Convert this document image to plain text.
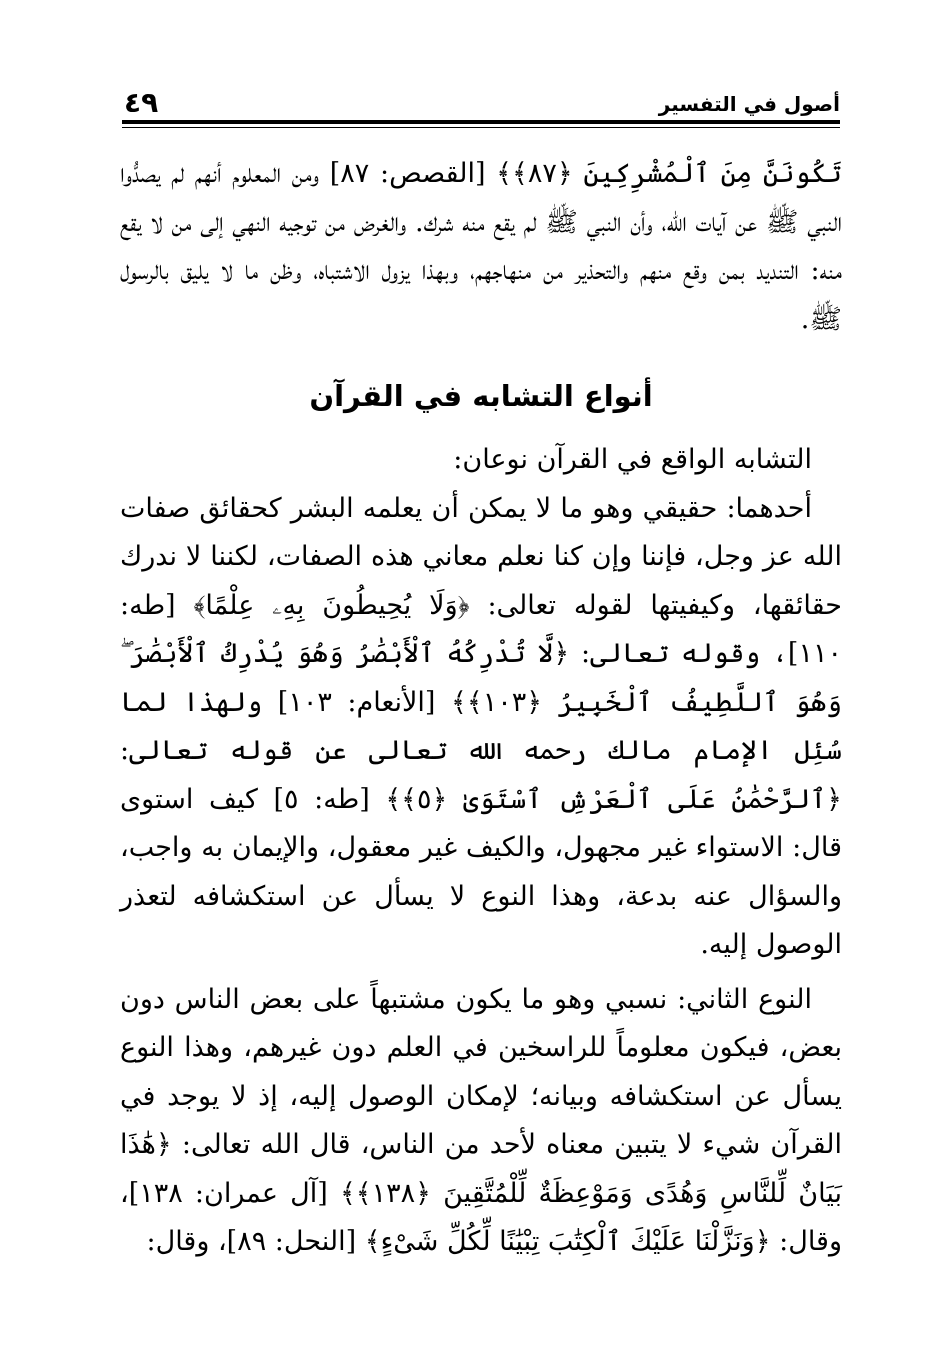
أصول في التفسير
٤٩

تَكُونَنَّ مِنَ ٱلْمُشْرِكِينَ ﴿٨٧﴾﴾ [القصص: ٨٧] ومن المعلوم أنهم لم يصدُّوا النبي ﷺ عن آيات الله، وأن النبي ﷺ لم يقع منه شرك. والغرض من توجيه النهي إلى من لا يقع منه: التنديد بمن وقع منهم والتحذير من منهاجهم، وبهذا يزول الاشتباه، وظن ما لا يليق بالرسول ﷺ.

أنواع التشابه في القرآن

التشابه الواقع في القرآن نوعان:

أحدهما: حقيقي وهو ما لا يمكن أن يعلمه البشر كحقائق صفات الله عز وجل، فإننا وإن كنا نعلم معاني هذه الصفات، لكننا لا ندرك حقائقها، وكيفيتها لقوله تعالى: ﴿وَلَا يُحِيطُونَ بِهِۦ عِلْمًا﴾ [طه: ١١٠]، وقوله تعالى: ﴿لَّا تُدْرِكُهُ ٱلْأَبْصَٰرُ وَهُوَ يُدْرِكُ ٱلْأَبْصَٰرَ ۖ وَهُوَ ٱللَّطِيفُ ٱلْخَبِيرُ ﴿١٠٣﴾﴾ [الأنعام: ١٠٣] ولهذا لما سُئِل الإمام مالك رحمه الله تعالى عن قوله تعالى: ﴿ٱلرَّحْمَٰنُ عَلَى ٱلْعَرْشِ ٱسْتَوَىٰ ﴿٥﴾﴾ [طه: ٥] كيف استوى قال: الاستواء غير مجهول، والكيف غير معقول، والإيمان به واجب، والسؤال عنه بدعة، وهذا النوع لا يسأل عن استكشافه لتعذر الوصول إليه.

النوع الثاني: نسبي وهو ما يكون مشتبهاً على بعض الناس دون بعض، فيكون معلوماً للراسخين في العلم دون غيرهم، وهذا النوع يسأل عن استكشافه وبيانه؛ لإمكان الوصول إليه، إذ لا يوجد في القرآن شيء لا يتبين معناه لأحد من الناس، قال الله تعالى: ﴿هَٰذَا بَيَانٌ لِّلنَّاسِ وَهُدًى وَمَوْعِظَةٌ لِّلْمُتَّقِينَ ﴿١٣٨﴾﴾ [آل عمران: ١٣٨]، وقال: ﴿وَنَزَّلْنَا عَلَيْكَ ٱلْكِتَٰبَ تِبْيَٰنًا لِّكُلِّ شَىْءٍ﴾ [النحل: ٨٩]، وقال:
